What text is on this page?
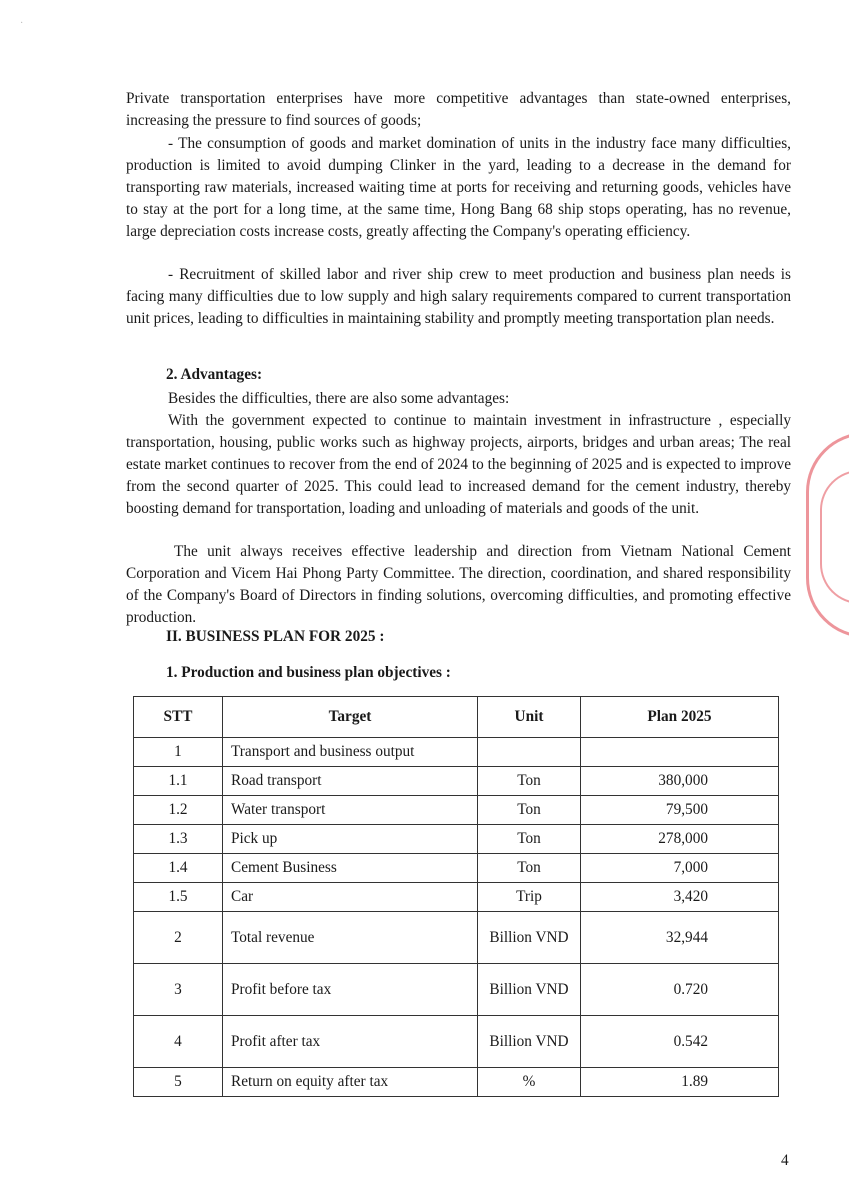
·

Private transportation enterprises have more competitive advantages than state-owned enterprises, increasing the pressure to find sources of goods;

- The consumption of goods and market domination of units in the industry face many difficulties, production is limited to avoid dumping Clinker in the yard, leading to a decrease in the demand for transporting raw materials, increased waiting time at ports for receiving and returning goods, vehicles have to stay at the port for a long time, at the same time, Hong Bang 68 ship stops operating, has no revenue, large depreciation costs increase costs, greatly affecting the Company's operating efficiency.

- Recruitment of skilled labor and river ship crew to meet production and business plan needs is facing many difficulties due to low supply and high salary requirements compared to current transportation unit prices, leading to difficulties in maintaining stability and promptly meeting transportation plan needs.

2. Advantages:

Besides the difficulties, there are also some advantages:

With the government expected to continue to maintain investment in infrastructure , especially transportation, housing, public works such as highway projects, airports, bridges and urban areas; The real estate market continues to recover from the end of 2024 to the beginning of 2025 and is expected to improve from the second quarter of 2025. This could lead to increased demand for the cement industry, thereby boosting demand for transportation, loading and unloading of materials and goods of the unit.

The unit always receives effective leadership and direction from Vietnam National Cement Corporation and Vicem Hai Phong Party Committee. The direction, coordination, and shared responsibility of the Company's Board of Directors in finding solutions, overcoming difficulties, and promoting effective production.

II. BUSINESS PLAN FOR 2025 :

1. Production and business plan objectives :

STT	Target	Unit	Plan 2025
1	Transport and business output		
1.1	Road transport	Ton	380,000
1.2	Water transport	Ton	79,500
1.3	Pick up	Ton	278,000
1.4	Cement Business	Ton	7,000
1.5	Car	Trip	3,420
2	Total revenue	Billion VND	32,944
3	Profit before tax	Billion VND	0.720
4	Profit after tax	Billion VND	0.542
5	Return on equity after tax	%	1.89
4
